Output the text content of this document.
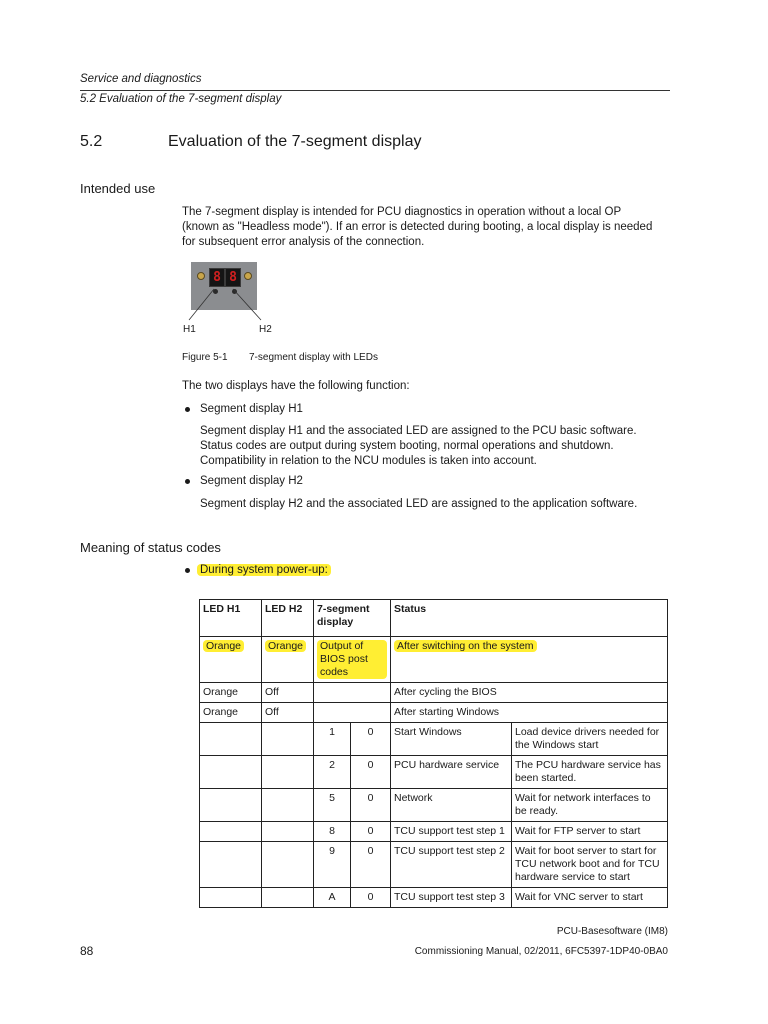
Service and diagnostics
5.2 Evaluation of the 7-segment display
5.2	Evaluation of the 7-segment display
Intended use
The 7-segment display is intended for PCU diagnostics in operation without a local OP
(known as "Headless mode"). If an error is detected during booting, a local display is needed
for subsequent error analysis of the connection.
8 8
H1	H2
Figure 5-1 7-segment display with LEDs
The two displays have the following function:
Segment display H1
Segment display H1 and the associated LED are assigned to the PCU basic software.
Status codes are output during system booting, normal operations and shutdown.
Compatibility in relation to the NCU modules is taken into account.
Segment display H2
Segment display H2 and the associated LED are assigned to the application software.
Meaning of status codes
During system power-up:
LED H1	LED H2	7-segment display		Status	
Orange	Orange	Output of BIOS post codes		After switching on the system	
Orange	Off			After cycling the BIOS	
Orange	Off			After starting Windows	
		1	0	Start Windows	Load device drivers needed for the Windows start
		2	0	PCU hardware service	The PCU hardware service has been started.
		5	0	Network	Wait for network interfaces to be ready.
		8	0	TCU support test step 1	Wait for FTP server to start
		9	0	TCU support test step 2	Wait for boot server to start for TCU network boot and for TCU hardware service to start
		A	0	TCU support test step 3	Wait for VNC server to start
PCU-Basesoftware (IM8)
88	Commissioning Manual, 02/2011, 6FC5397-1DP40-0BA0
